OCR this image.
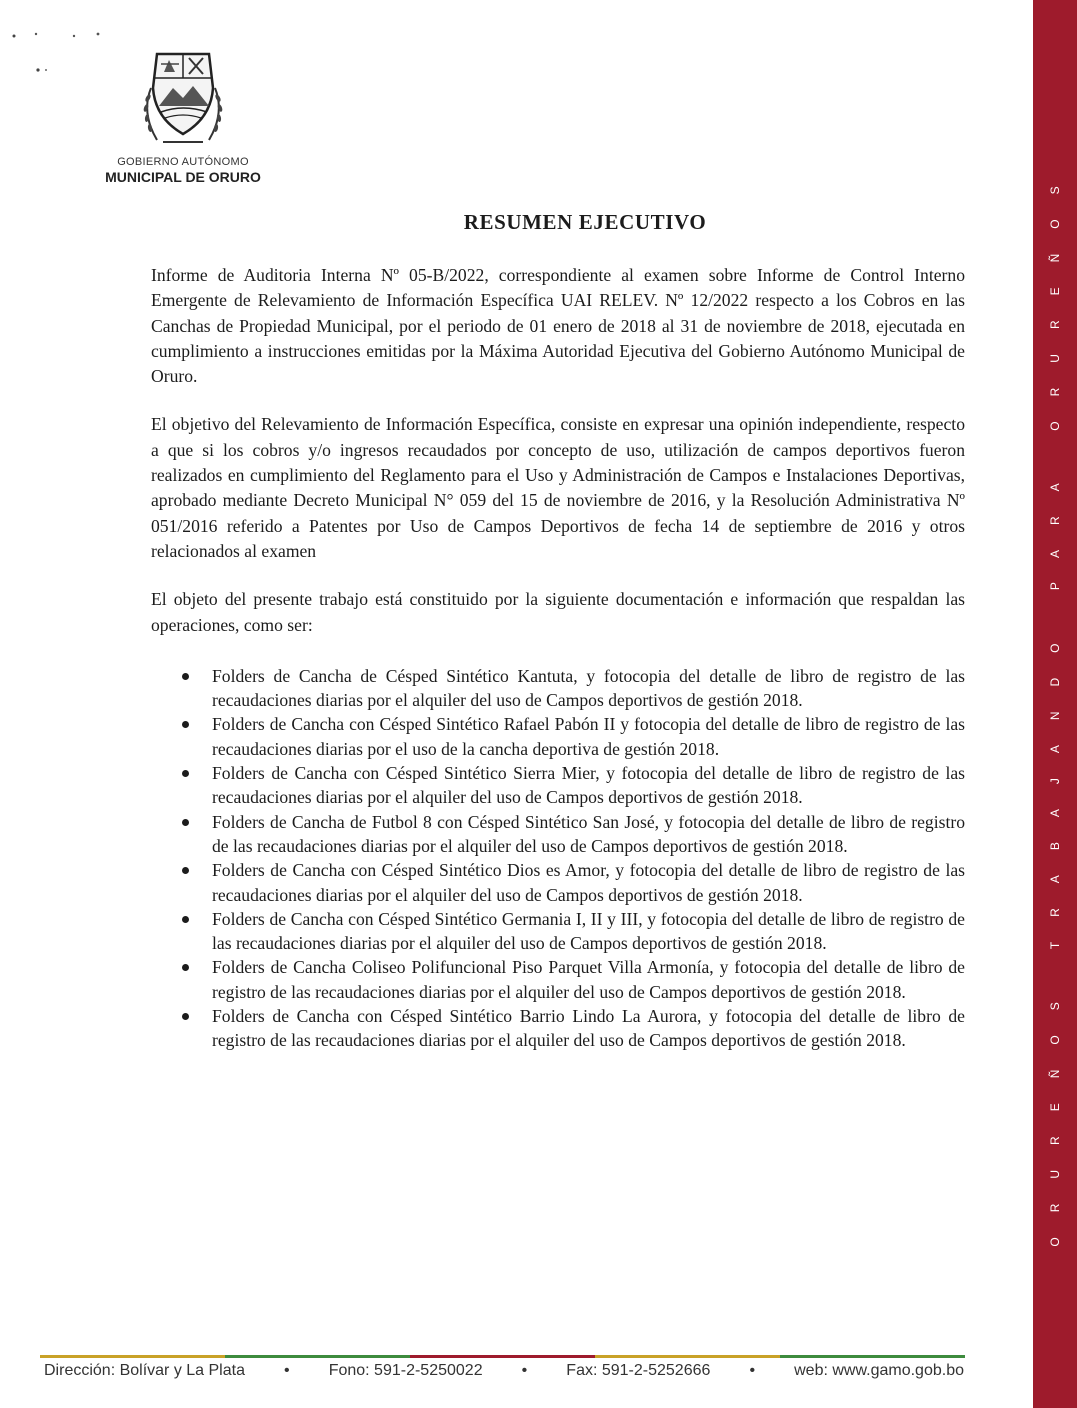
GOBIERNO AUTÓNOMO
MUNICIPAL DE ORURO
RESUMEN EJECUTIVO

Informe de Auditoria Interna Nº 05-B/2022, correspondiente al examen sobre Informe de Control Interno Emergente de Relevamiento de Información Específica UAI RELEV. Nº 12/2022 respecto a los Cobros en las Canchas de Propiedad Municipal, por el periodo de 01 enero de 2018 al 31 de noviembre de 2018, ejecutada en cumplimiento a instrucciones emitidas por la Máxima Autoridad Ejecutiva del Gobierno Autónomo Municipal de Oruro.

El objetivo del Relevamiento de Información Específica, consiste en expresar una opinión independiente, respecto a que si los cobros y/o ingresos recaudados por concepto de uso, utilización de campos deportivos fueron realizados en cumplimiento del Reglamento para el Uso y Administración de Campos e Instalaciones Deportivas, aprobado mediante Decreto Municipal N° 059 del 15 de noviembre de 2016, y la Resolución Administrativa Nº 051/2016 referido a Patentes por Uso de Campos Deportivos de fecha 14 de septiembre de 2016 y otros relacionados al examen

El objeto del presente trabajo está constituido por la siguiente documentación e información que respaldan las operaciones, como ser:

Folders de Cancha de Césped Sintético Kantuta, y fotocopia del detalle de libro de registro de las recaudaciones diarias por el alquiler del uso de Campos deportivos de gestión 2018.
Folders de Cancha con Césped Sintético Rafael Pabón II y fotocopia del detalle de libro de registro de las recaudaciones diarias por el uso de la cancha deportiva de gestión 2018.
Folders de Cancha con Césped Sintético Sierra Mier, y fotocopia del detalle de libro de registro de las recaudaciones diarias por el alquiler del uso de Campos deportivos de gestión 2018.
Folders de Cancha de Futbol 8 con Césped Sintético San José, y fotocopia del detalle de libro de registro de las recaudaciones diarias por el alquiler del uso de Campos deportivos de gestión 2018.
Folders de Cancha con Césped Sintético Dios es Amor, y fotocopia del detalle de libro de registro de las recaudaciones diarias por el alquiler del uso de Campos deportivos de gestión 2018.
Folders de Cancha con Césped Sintético Germania I, II y III, y fotocopia del detalle de libro de registro de las recaudaciones diarias por el alquiler del uso de Campos deportivos de gestión 2018.
Folders de Cancha Coliseo Polifuncional Piso Parquet Villa Armonía, y fotocopia del detalle de libro de registro de las recaudaciones diarias por el alquiler del uso de Campos deportivos de gestión 2018.
Folders de Cancha con Césped Sintético Barrio Lindo La Aurora, y fotocopia del detalle de libro de registro de las recaudaciones diarias por el alquiler del uso de Campos deportivos de gestión 2018.
Dirección: Bolívar y La Plata • Fono: 591-2-5250022 • Fax: 591-2-5252666 • web: www.gamo.gob.bo
ORUREÑOS TRABAJANDO PARA ORUREÑOS
